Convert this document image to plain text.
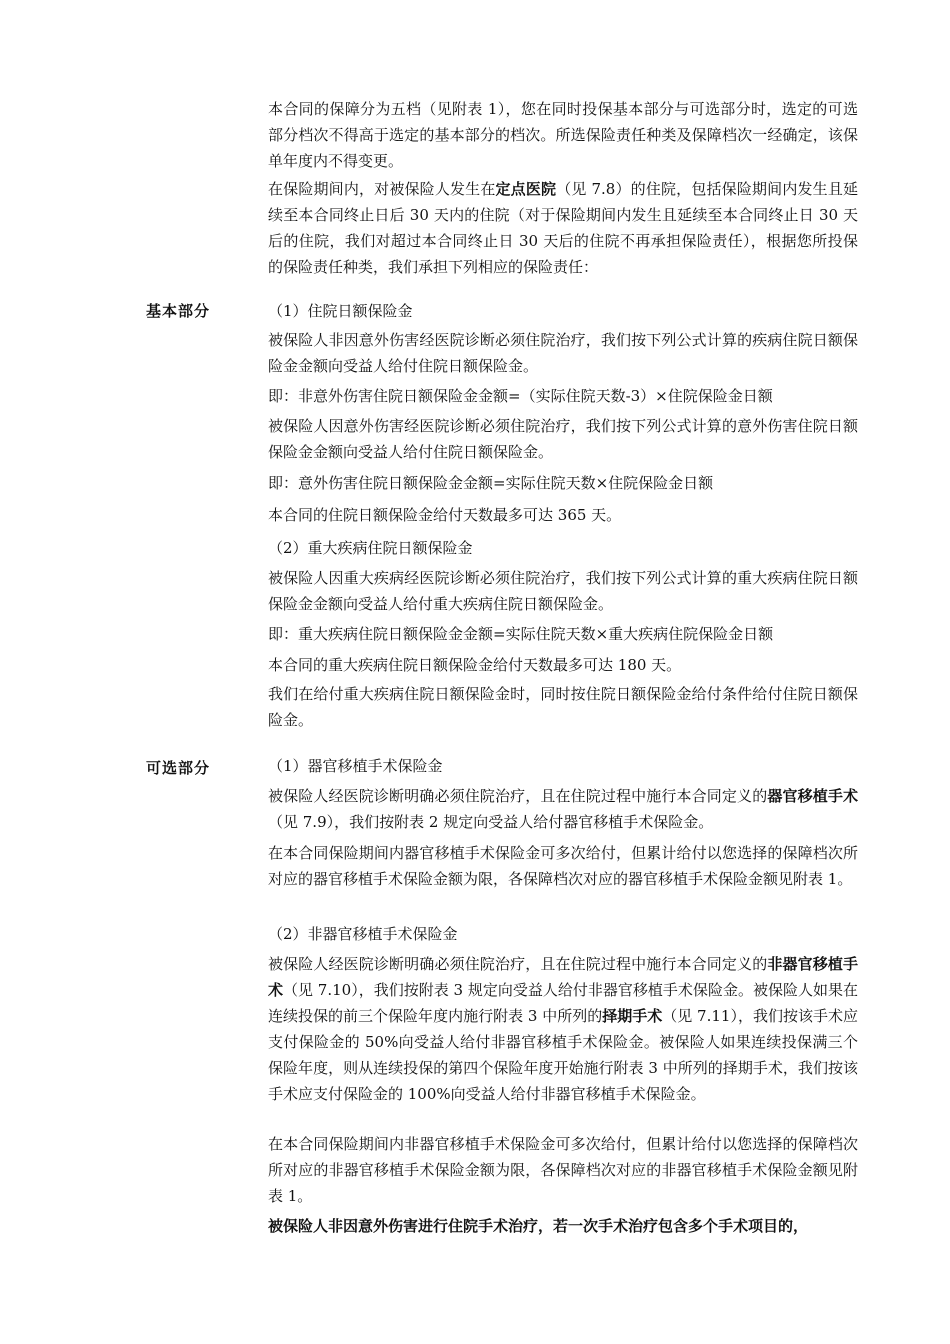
本合同的保障分为五档（见附表 1），您在同时投保基本部分与可选部分时，选定的可选部分档次不得高于选定的基本部分的档次。所选保险责任种类及保障档次一经确定，该保单年度内不得变更。
在保险期间内，对被保险人发生在定点医院（见 7.8）的住院，包括保险期间内发生且延续至本合同终止日后 30 天内的住院（对于保险期间内发生且延续至本合同终止日 30 天后的住院，我们对超过本合同终止日 30 天后的住院不再承担保险责任），根据您所投保的保险责任种类，我们承担下列相应的保险责任：
基本部分	（1）住院日额保险金
被保险人非因意外伤害经医院诊断必须住院治疗，我们按下列公式计算的疾病住院日额保险金金额向受益人给付住院日额保险金。
即：非意外伤害住院日额保险金金额=（实际住院天数-3）×住院保险金日额
被保险人因意外伤害经医院诊断必须住院治疗，我们按下列公式计算的意外伤害住院日额保险金金额向受益人给付住院日额保险金。
即：意外伤害住院日额保险金金额=实际住院天数×住院保险金日额
本合同的住院日额保险金给付天数最多可达 365 天。
（2）重大疾病住院日额保险金
被保险人因重大疾病经医院诊断必须住院治疗，我们按下列公式计算的重大疾病住院日额保险金金额向受益人给付重大疾病住院日额保险金。
即：重大疾病住院日额保险金金额=实际住院天数×重大疾病住院保险金日额
本合同的重大疾病住院日额保险金给付天数最多可达 180 天。
我们在给付重大疾病住院日额保险金时，同时按住院日额保险金给付条件给付住院日额保险金。
可选部分	（1）器官移植手术保险金
被保险人经医院诊断明确必须住院治疗，且在住院过程中施行本合同定义的器官移植手术（见 7.9），我们按附表 2 规定向受益人给付器官移植手术保险金。
在本合同保险期间内器官移植手术保险金可多次给付，但累计给付以您选择的保障档次所对应的器官移植手术保险金额为限，各保障档次对应的器官移植手术保险金额见附表 1。
（2）非器官移植手术保险金
被保险人经医院诊断明确必须住院治疗，且在住院过程中施行本合同定义的非器官移植手术（见 7.10），我们按附表 3 规定向受益人给付非器官移植手术保险金。被保险人如果在连续投保的前三个保险年度内施行附表 3 中所列的择期手术（见 7.11），我们按该手术应支付保险金的 50%向受益人给付非器官移植手术保险金。被保险人如果连续投保满三个保险年度，则从连续投保的第四个保险年度开始施行附表 3 中所列的择期手术，我们按该手术应支付保险金的 100%向受益人给付非器官移植手术保险金。
在本合同保险期间内非器官移植手术保险金可多次给付，但累计给付以您选择的保障档次所对应的非器官移植手术保险金额为限，各保障档次对应的非器官移植手术保险金额见附表 1。
被保险人非因意外伤害进行住院手术治疗，若一次手术治疗包含多个手术项目的，
